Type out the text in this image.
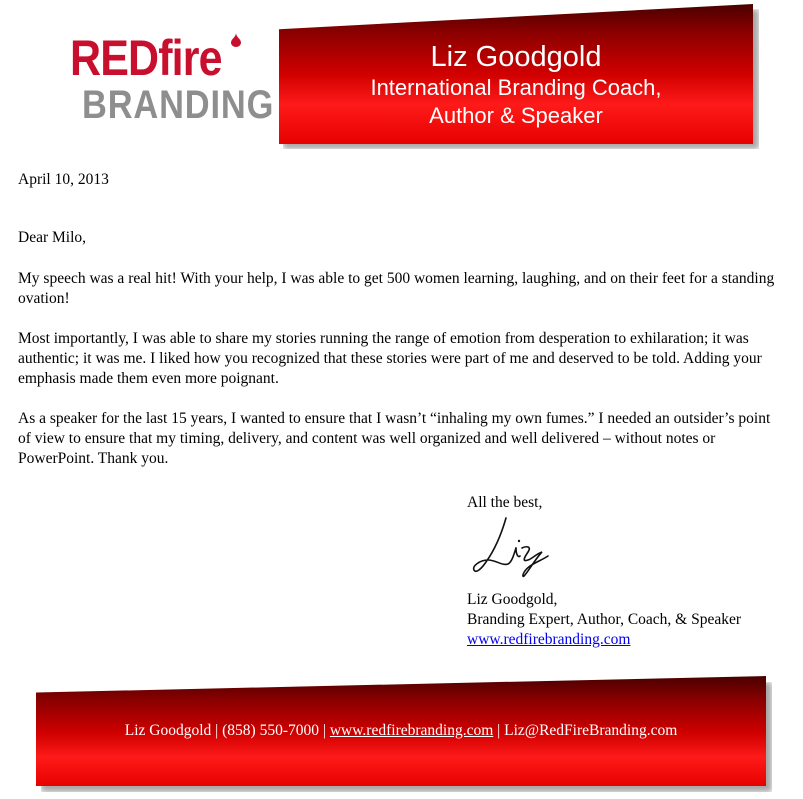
REDfire
BRANDING
Liz Goodgold
International Branding Coach,
Author & Speaker

April 10, 2013

Dear Milo,

My speech was a real hit! With your help, I was able to get 500 women learning, laughing, and on their feet for a standing ovation!

Most importantly, I was able to share my stories running the range of emotion from desperation to exhilaration; it was authentic; it was me. I liked how you recognized that these stories were part of me and deserved to be told. Adding your emphasis made them even more poignant.

As a speaker for the last 15 years, I wanted to ensure that I wasn’t “inhaling my own fumes.” I needed an outsider’s point of view to ensure that my timing, delivery, and content was well organized and well delivered – without notes or PowerPoint. Thank you.

All the best,
Liz Goodgold,
Branding Expert, Author, Coach, & Speaker
www.redfirebranding.com
Liz Goodgold | (858) 550-7000 | www.redfirebranding.com | Liz@RedFireBranding.com
